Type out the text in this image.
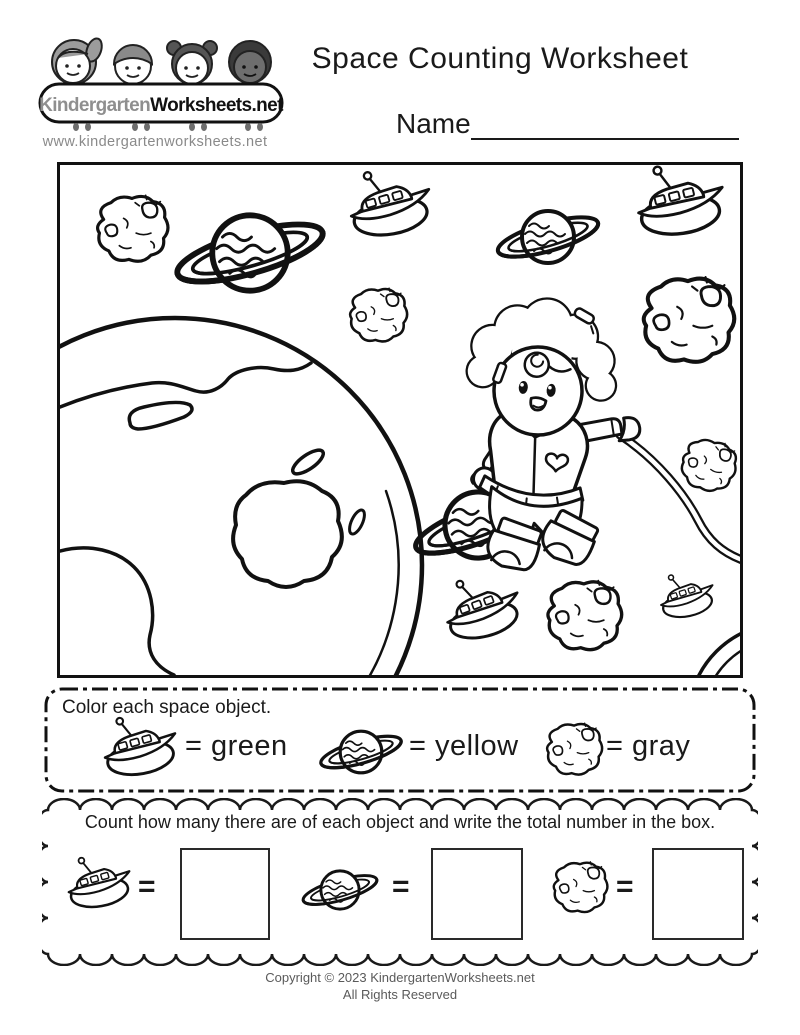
KindergartenWorksheets.net
www.kindergartenworksheets.net
Space Counting Worksheet
Name
Color each space object.
= green	= yellow	= gray
Count how many there are of each object and write the total number in the box.
=	=	=
Copyright © 2023 KindergartenWorksheets.net
All Rights Reserved
